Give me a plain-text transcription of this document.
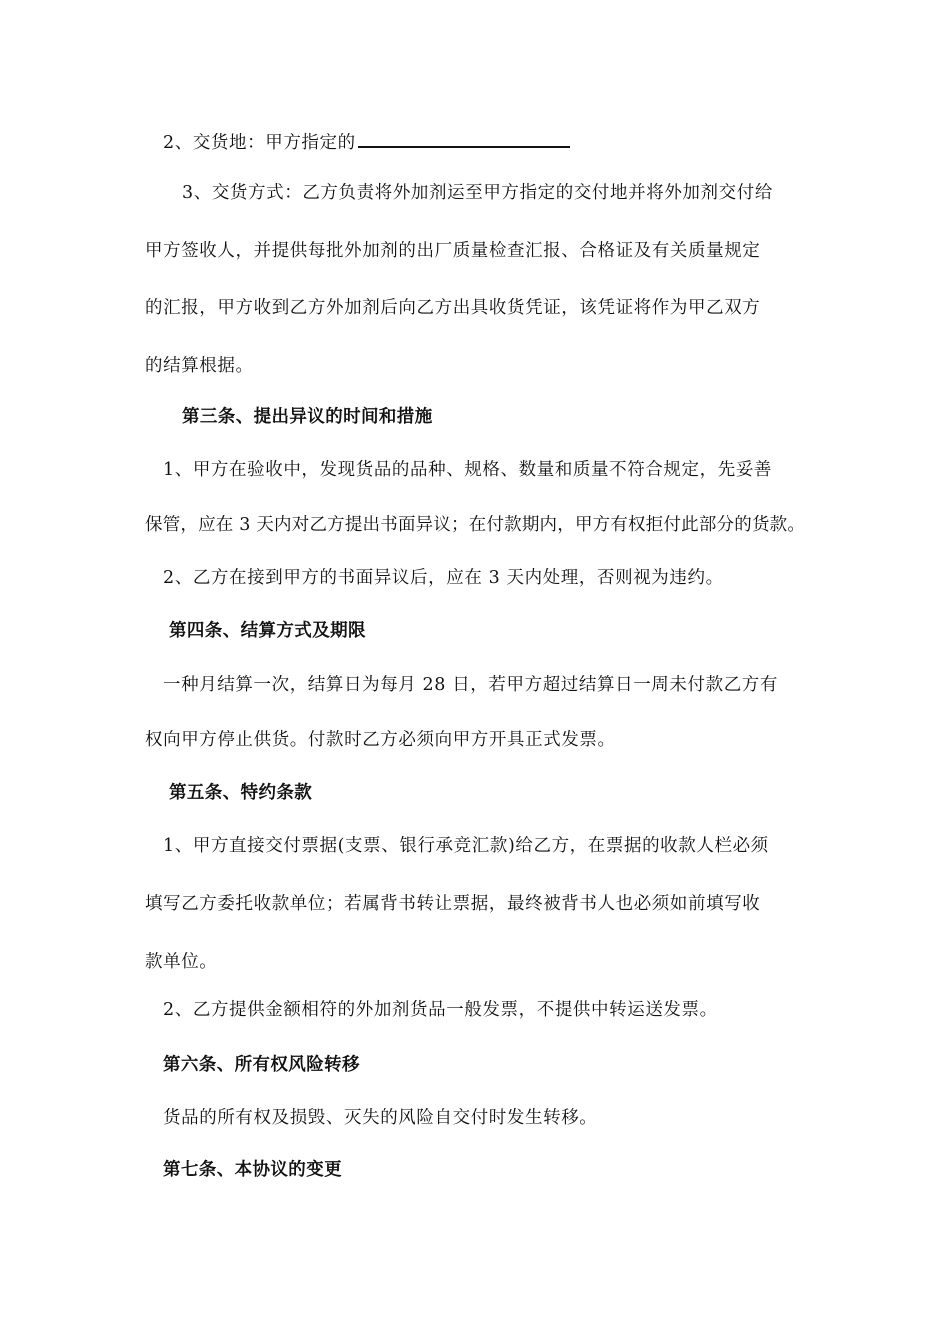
2、交货地：甲方指定的
3、交货方式：乙方负责将外加剂运至甲方指定的交付地并将外加剂交付给
甲方签收人，并提供每批外加剂的出厂质量检查汇报、合格证及有关质量规定
的汇报，甲方收到乙方外加剂后向乙方出具收货凭证，该凭证将作为甲乙双方
的结算根据。
第三条、提出异议的时间和措施
1、甲方在验收中，发现货品的品种、规格、数量和质量不符合规定，先妥善
保管，应在 3 天内对乙方提出书面异议；在付款期内，甲方有权拒付此部分的货款。
2、乙方在接到甲方的书面异议后，应在 3 天内处理，否则视为违约。
第四条、结算方式及期限
一种月结算一次，结算日为每月 28 日，若甲方超过结算日一周未付款乙方有
权向甲方停止供货。付款时乙方必须向甲方开具正式发票。
第五条、特约条款
1、甲方直接交付票据(支票、银行承竞汇款)给乙方，在票据的收款人栏必须
填写乙方委托收款单位；若属背书转让票据，最终被背书人也必须如前填写收
款单位。
2、乙方提供金额相符的外加剂货品一般发票，不提供中转运送发票。
第六条、所有权风险转移
货品的所有权及损毁、灭失的风险自交付时发生转移。
第七条、本协议的变更
